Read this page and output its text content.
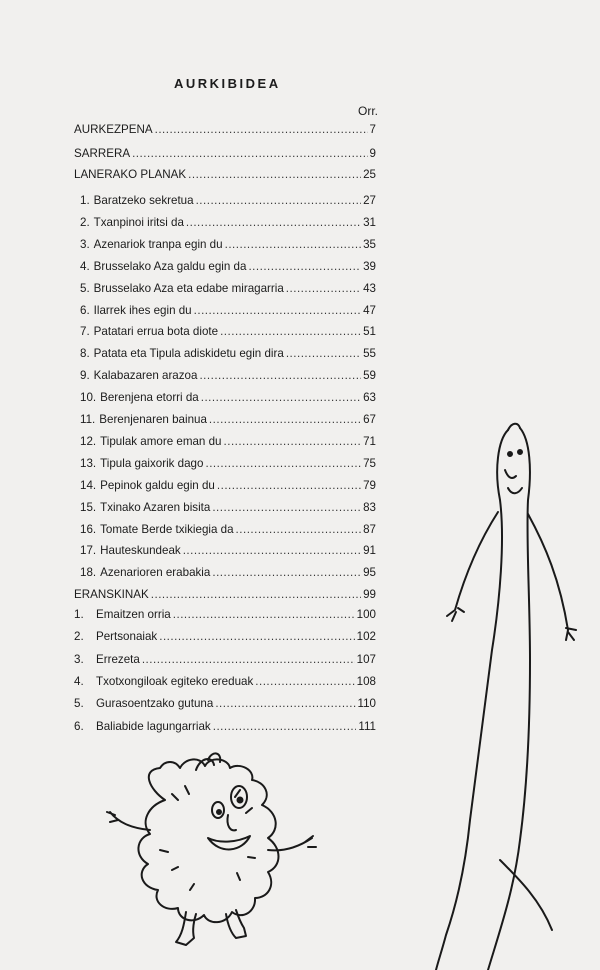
AURKIBIDEA
Orr.
AURKEZPENA .....	7
SARRERA .....	9
LANERAKO PLANAK .....	25
1. Baratzeko sekretua .....	27
2. Txanpinoi iritsi da .....	31
3. Azenariok tranpa egin du .....	35
4. Brusselako Aza galdu egin da .....	39
5. Brusselako Aza eta edabe miragarria .....	43
6. Ilarrek ihes egin du .....	47
7. Patatari errua bota diote .....	51
8. Patata eta Tipula adiskidetu egin dira .....	55
9. Kalabazaren arazoa .....	59
10. Berenjena etorri da .....	63
11. Berenjenaren bainua .....	67
12. Tipulak amore eman du .....	71
13. Tipula gaixorik dago .....	75
14. Pepinok galdu egin du .....	79
15. Txinako Azaren bisita .....	83
16. Tomate Berde txikiegia da .....	87
17. Hauteskundeak .....	91
18. Azenarioren erabakia .....	95
ERANSKINAK .....	99
1.	Emaitzen orria .....	100
2.	Pertsonaiak .....	102
3.	Errezeta .....	107
4.	Txotxongiloak egiteko ereduak .....	108
5.	Gurasoentzako gutuna .....	110
6.	Baliabide lagungarriak .....	111
